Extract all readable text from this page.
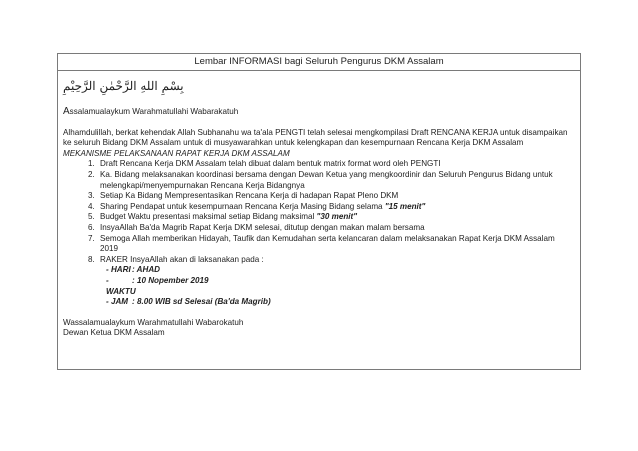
Lembar INFORMASI bagi Seluruh Pengurus DKM Assalam
بِسْمِ اللهِ الرَّحْمٰنِ الرَّحِيْمِ
Assalamualaykum Warahmatullahi Wabarakatuh
Alhamdulillah, berkat kehendak Allah Subhanahu wa ta'ala PENGTI telah selesai mengkompilasi Draft RENCANA KERJA untuk disampaikan ke seluruh Bidang DKM Assalam untuk di musyawarahkan untuk kelengkapan dan kesempurnaan Rencana Kerja DKM Assalam
MEKANISME PELAKSANAAN RAPAT KERJA DKM ASSALAM
1. Draft Rencana Kerja DKM Assalam telah dibuat dalam bentuk matrix format word oleh PENGTI
2. Ka. Bidang melaksanakan koordinasi bersama dengan Dewan Ketua yang mengkoordinir dan Seluruh Pengurus Bidang untuk melengkapi/menyempurnakan Rencana Kerja Bidangnya
3. Setiap Ka Bidang Mempresentasikan Rencana Kerja di hadapan Rapat Pleno DKM
4. Sharing Pendapat untuk kesempurnaan Rencana Kerja Masing Bidang selama "15 menit"
5. Budget Waktu presentasi maksimal setiap Bidang maksimal "30 menit"
6. InsyaAllah Ba'da Magrib Rapat Kerja DKM selesai, ditutup dengan makan malam bersama
7. Semoga Allah memberikan Hidayah, Taufik dan Kemudahan serta kelancaran dalam melaksanakan Rapat Kerja DKM Assalam 2019
8. RAKER InsyaAllah akan di laksanakan pada :
- HARI : AHAD
- WAKTU
: 10 Nopember 2019
- JAM : 8.00 WIB sd Selesai (Ba'da Magrib)
Wassalamualaykum Warahmatullahi Wabarokatuh
Dewan Ketua DKM Assalam
